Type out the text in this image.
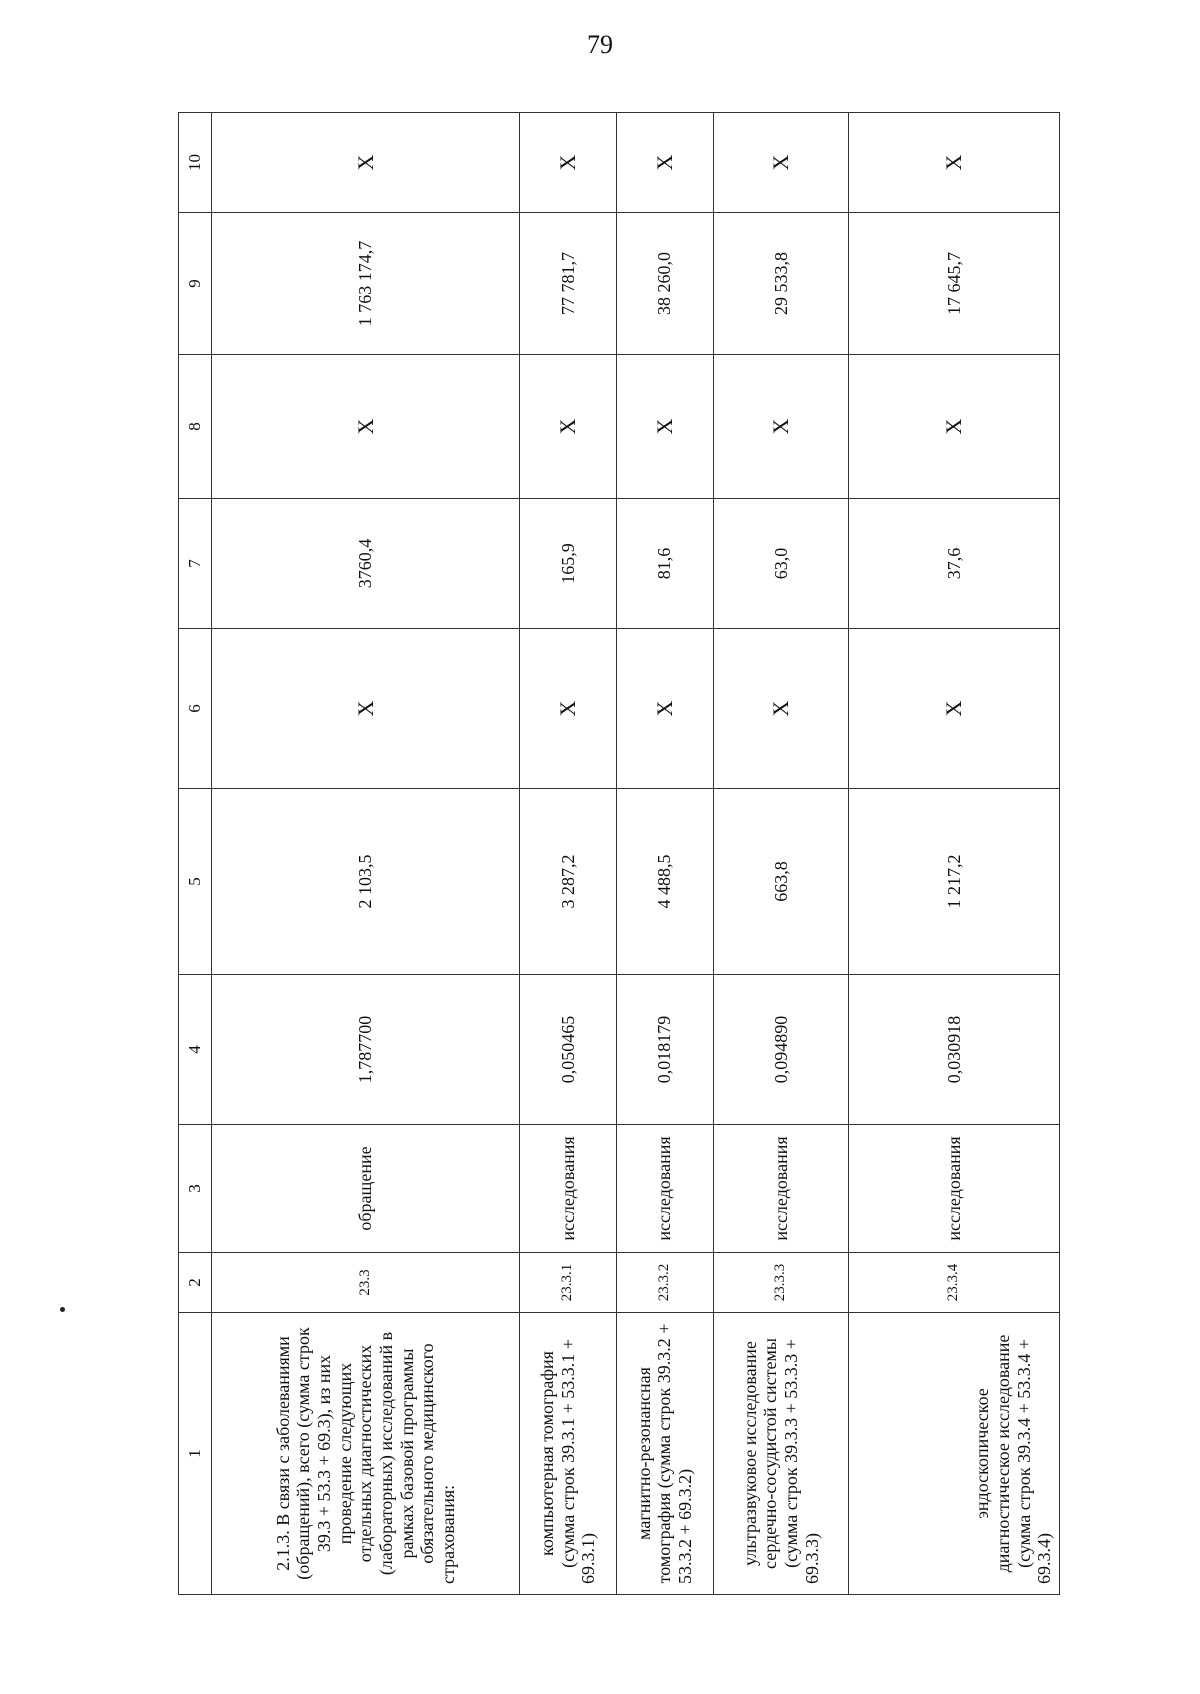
79
1	2	3	4	5	6	7	8	9	10
2.1.3. В связи с заболеваниями (обращений), всего (сумма строк 39.3 + 53.3 + 69.3), из них проведение следующих отдельных диагностических (лабораторных) исследований в рамках базовой программы обязательного медицинского страхования:	23.3	обращение	1,787700	2 103,5	X	3760,4	X	1 763 174,7	X
компьютерная томография (сумма строк 39.3.1 + 53.3.1 + 69.3.1)	23.3.1	исследования	0,050465	3 287,2	X	165,9	X	77 781,7	X
магнитно-резонансная томография (сумма строк 39.3.2 + 53.3.2 + 69.3.2)	23.3.2	исследования	0,018179	4 488,5	X	81,6	X	38 260,0	X
ультразвуковое исследование сердечно-сосудистой системы (сумма строк 39.3.3 + 53.3.3 + 69.3.3)	23.3.3	исследования	0,094890	663,8	X	63,0	X	29 533,8	X
эндоскопическое диагностическое исследование (сумма строк 39.3.4 + 53.3.4 + 69.3.4)	23.3.4	исследования	0,030918	1 217,2	X	37,6	X	17 645,7	X
